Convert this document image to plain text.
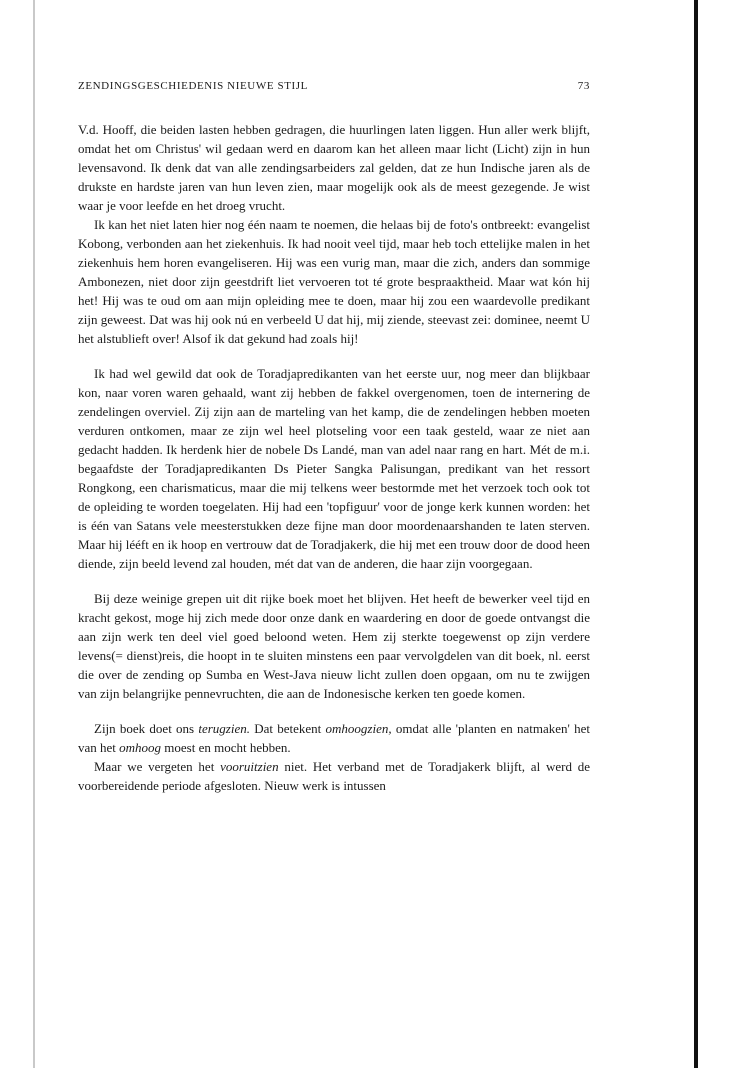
ZENDINGSGESCHIEDENIS NIEUWE STIJL	73

V.d. Hooff, die beiden lasten hebben gedragen, die huurlingen laten liggen. Hun aller werk blijft, omdat het om Christus' wil gedaan werd en daarom kan het alleen maar licht (Licht) zijn in hun levensavond. Ik denk dat van alle zendingsarbeiders zal gelden, dat ze hun Indische jaren als de drukste en hardste jaren van hun leven zien, maar mogelijk ook als de meest gezegende. Je wist waar je voor leefde en het droeg vrucht.

Ik kan het niet laten hier nog één naam te noemen, die helaas bij de foto's ontbreekt: evangelist Kobong, verbonden aan het ziekenhuis. Ik had nooit veel tijd, maar heb toch ettelijke malen in het ziekenhuis hem horen evangeliseren. Hij was een vurig man, maar die zich, anders dan sommige Ambonezen, niet door zijn geestdrift liet vervoeren tot té grote bespraaktheid. Maar wat kón hij het! Hij was te oud om aan mijn opleiding mee te doen, maar hij zou een waardevolle predikant zijn geweest. Dat was hij ook nú en verbeeld U dat hij, mij ziende, steevast zei: dominee, neemt U het alstublieft over! Alsof ik dat gekund had zoals hij!

Ik had wel gewild dat ook de Toradjapredikanten van het eerste uur, nog meer dan blijkbaar kon, naar voren waren gehaald, want zij hebben de fakkel overgenomen, toen de internering de zendelingen overviel. Zij zijn aan de marteling van het kamp, die de zendelingen hebben moeten verduren ontkomen, maar ze zijn wel heel plotseling voor een taak gesteld, waar ze niet aan gedacht hadden. Ik herdenk hier de nobele Ds Landé, man van adel naar rang en hart. Mét de m.i. begaafdste der Toradjapredikanten Ds Pieter Sangka Palisungan, predikant van het ressort Rongkong, een charismaticus, maar die mij telkens weer bestormde met het verzoek toch ook tot de opleiding te worden toegelaten. Hij had een 'topfiguur' voor de jonge kerk kunnen worden: het is één van Satans vele meesterstukken deze fijne man door moordenaarshanden te laten sterven. Maar hij lééft en ik hoop en vertrouw dat de Toradjakerk, die hij met een trouw door de dood heen diende, zijn beeld levend zal houden, mét dat van de anderen, die haar zijn voorgegaan.

Bij deze weinige grepen uit dit rijke boek moet het blijven. Het heeft de bewerker veel tijd en kracht gekost, moge hij zich mede door onze dank en waardering en door de goede ontvangst die aan zijn werk ten deel viel goed beloond weten. Hem zij sterkte toegewenst op zijn verdere levens(= dienst)reis, die hoopt in te sluiten minstens een paar vervolgdelen van dit boek, nl. eerst die over de zending op Sumba en West-Java nieuw licht zullen doen opgaan, om nu te zwijgen van zijn belangrijke pennevruchten, die aan de Indonesische kerken ten goede komen.

Zijn boek doet ons terugzien. Dat betekent omhoogzien, omdat alle 'planten en natmaken' het van het omhoog moest en mocht hebben.

Maar we vergeten het vooruitzien niet. Het verband met de Toradjakerk blijft, al werd de voorbereidende periode afgesloten. Nieuw werk is intussen
